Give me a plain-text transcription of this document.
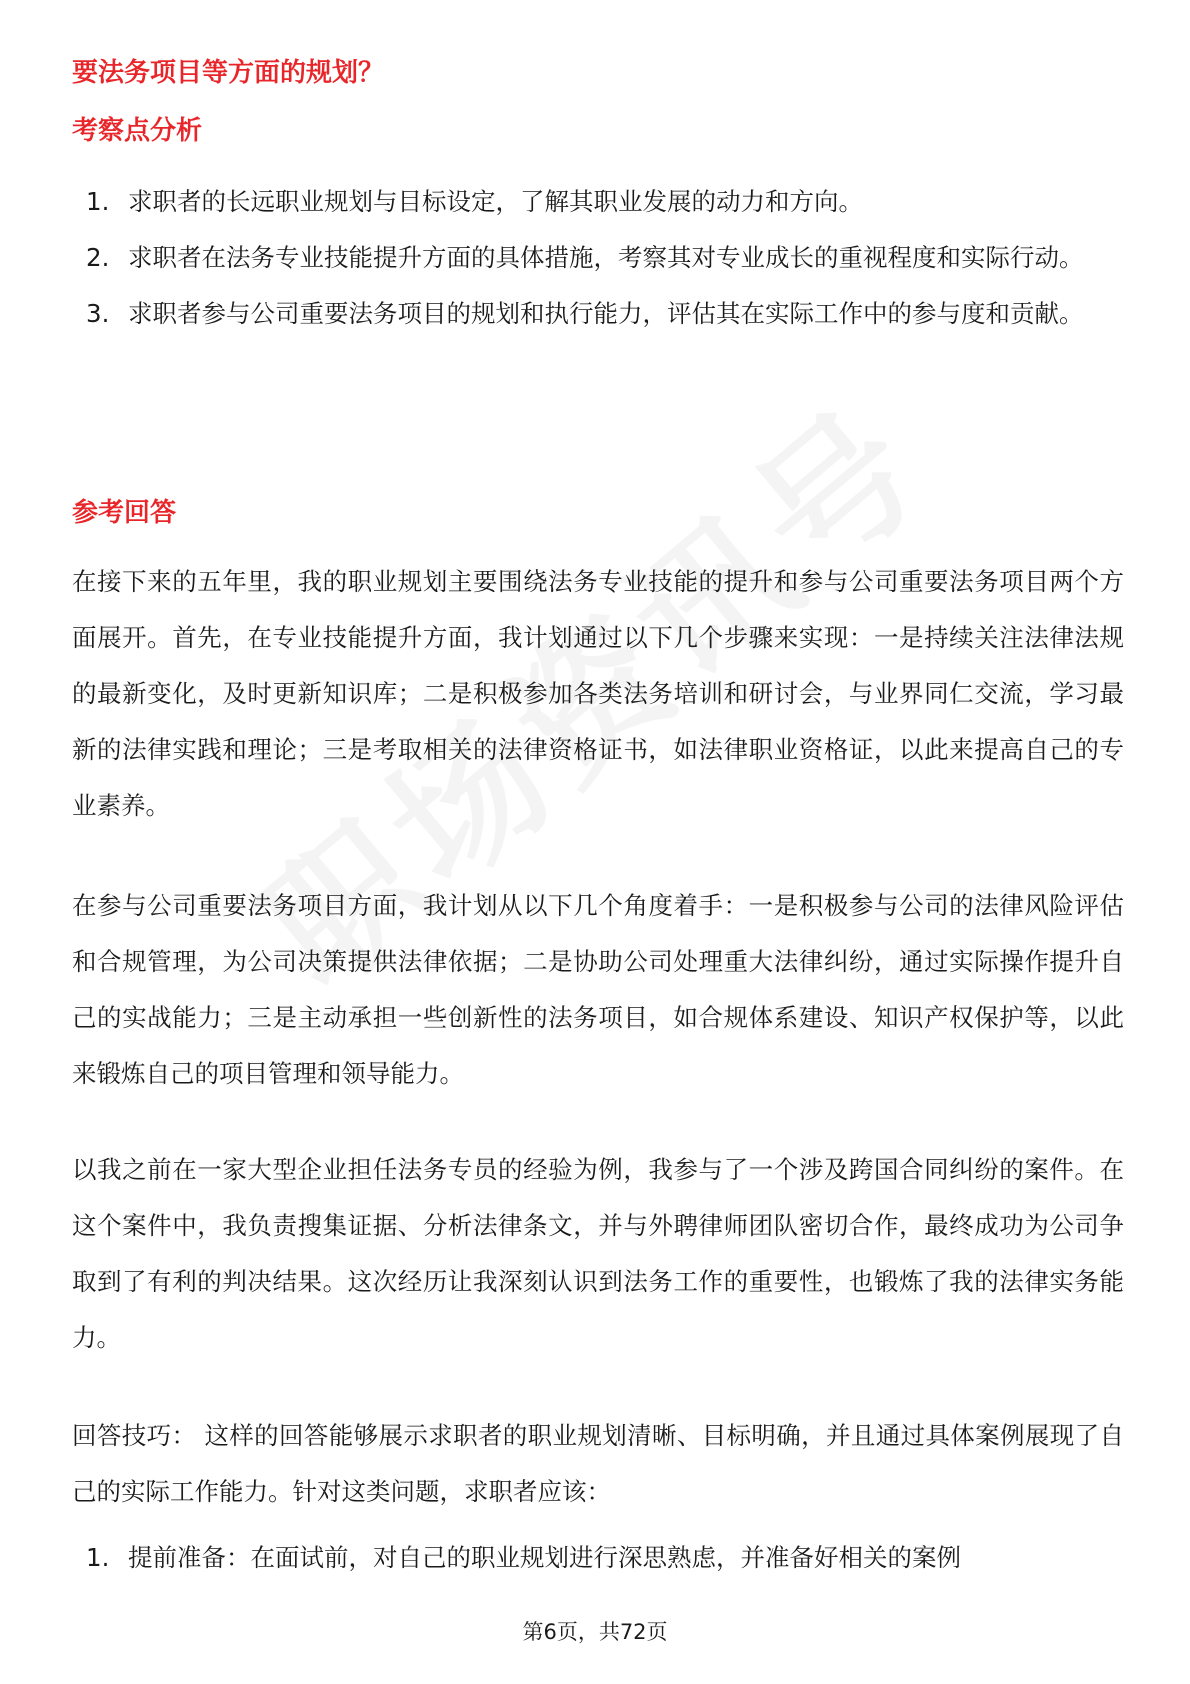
要法务项目等方面的规划？
考察点分析
1. 求职者的长远职业规划与目标设定，了解其职业发展的动力和方向。
2. 求职者在法务专业技能提升方面的具体措施，考察其对专业成长的重视程度和实际行动。
3. 求职者参与公司重要法务项目的规划和执行能力，评估其在实际工作中的参与度和贡献。
参考回答

在接下来的五年里，我的职业规划主要围绕法务专业技能的提升和参与公司重要法务项目两个方面展开。首先，在专业技能提升方面，我计划通过以下几个步骤来实现：一是持续关注法律法规的最新变化，及时更新知识库；二是积极参加各类法务培训和研讨会，与业界同仁交流，学习最新的法律实践和理论；三是考取相关的法律资格证书，如法律职业资格证，以此来提高自己的专业素养。

在参与公司重要法务项目方面，我计划从以下几个角度着手：一是积极参与公司的法律风险评估和合规管理，为公司决策提供法律依据；二是协助公司处理重大法律纠纷，通过实际操作提升自己的实战能力；三是主动承担一些创新性的法务项目，如合规体系建设、知识产权保护等，以此来锻炼自己的项目管理和领导能力。

以我之前在一家大型企业担任法务专员的经验为例，我参与了一个涉及跨国合同纠纷的案件。在这个案件中，我负责搜集证据、分析法律条文，并与外聘律师团队密切合作，最终成功为公司争取到了有利的判决结果。这次经历让我深刻认识到法务工作的重要性，也锻炼了我的法律实务能力。

回答技巧： 这样的回答能够展示求职者的职业规划清晰、目标明确，并且通过具体案例展现了自己的实际工作能力。针对这类问题，求职者应该：

1. 提前准备：在面试前，对自己的职业规划进行深思熟虑，并准备好相关的案例
第6页，共72页
